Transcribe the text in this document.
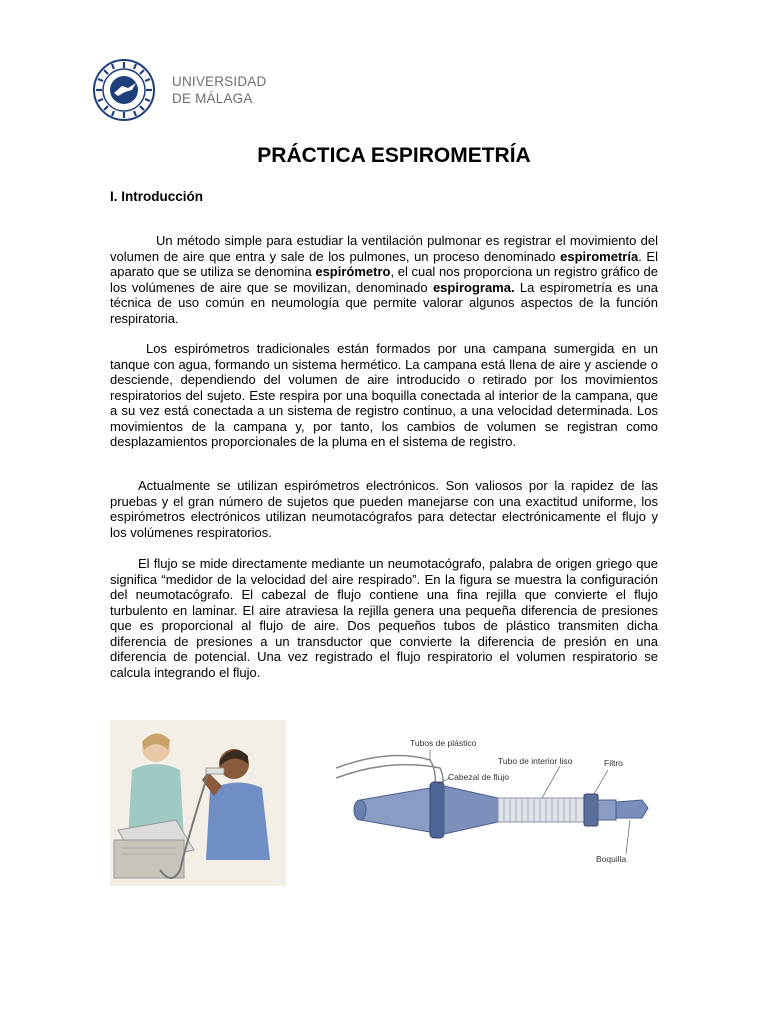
UNIVERSIDAD
DE MÁLAGA
PRÁCTICA ESPIROMETRÍA
I. Introducción

Un método simple para estudiar la ventilación pulmonar es registrar el movimiento del volumen de aire que entra y sale de los pulmones, un proceso denominado espirometría. El aparato que se utiliza se denomina espirómetro, el cual nos proporciona un registro gráfico de los volúmenes de aire que se movilizan, denominado espirograma. La espirometría es una técnica de uso común en neumología que permite valorar algunos aspectos de la función respiratoria.

Los espirómetros tradicionales están formados por una campana sumergida en un tanque con agua, formando un sistema hermético. La campana está llena de aire y asciende o desciende, dependiendo del volumen de aire introducido o retirado por los movimientos respiratorios del sujeto. Este respira por una boquilla conectada al interior de la campana, que a su vez está conectada a un sistema de registro continuo, a una velocidad determinada. Los movimientos de la campana y, por tanto, los cambios de volumen se registran como desplazamientos proporcionales de la pluma en el sistema de registro.

Actualmente se utilizan espirómetros electrónicos. Son valiosos por la rapidez de las pruebas y el gran número de sujetos que pueden manejarse con una exactitud uniforme, los espirómetros electrónicos utilizan neumotacógrafos para detectar electrónicamente el flujo y los volúmenes respiratorios.

El flujo se mide directamente mediante un neumotacógrafo, palabra de origen griego que significa “medidor de la velocidad del aire respirado”. En la figura se muestra la configuración del neumotacógrafo. El cabezal de flujo contiene una fina rejilla que convierte el flujo turbulento en laminar. El aire atraviesa la rejilla genera una pequeña diferencia de presiones que es proporcional al flujo de aire. Dos pequeños tubos de plástico transmiten dicha diferencia de presiones a un transductor que convierte la diferencia de presión en una diferencia de potencial. Una vez registrado el flujo respiratorio el volumen respiratorio se calcula integrando el flujo.

Tubos de plástico
Tubo de interior liso	Filtro
Cabezal de flujo
Boquilla
